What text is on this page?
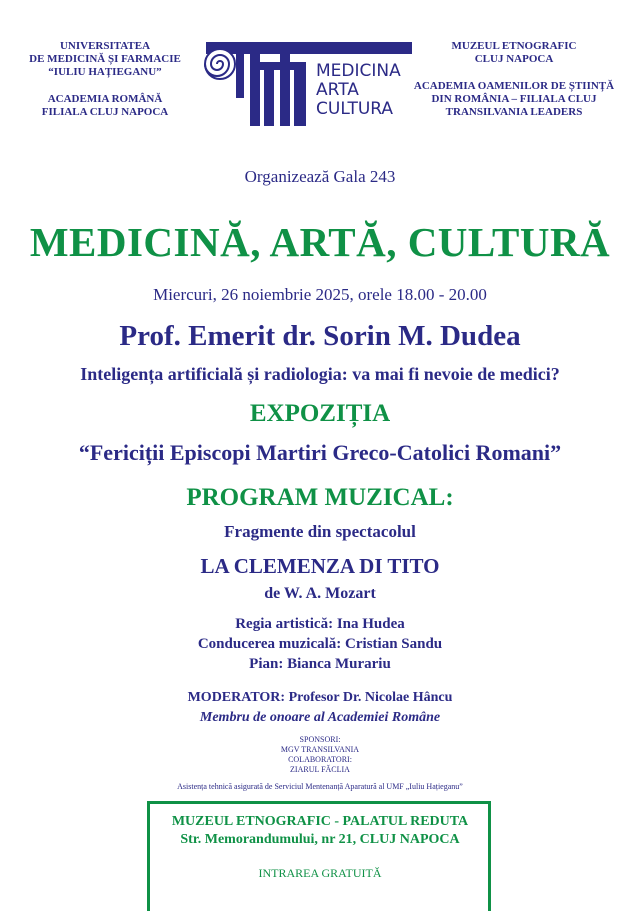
UNIVERSITATEA
DE MEDICINĂ ȘI FARMACIE
“IULIU HAȚIEGANU”
ACADEMIA ROMÂNĂ
FILIALA CLUJ NAPOCA
MEDICINA
ARTA
CULTURA
MUZEUL ETNOGRAFIC
CLUJ NAPOCA
ACADEMIA OAMENILOR DE ȘTIINȚĂ
DIN ROMÂNIA – FILIALA CLUJ
TRANSILVANIA LEADERS
Organizează Gala 243
MEDICINĂ, ARTĂ, CULTURĂ
Miercuri, 26 noiembrie 2025, orele 18.00 - 20.00
Prof. Emerit dr. Sorin M. Dudea
Inteligența artificială și radiologia: va mai fi nevoie de medici?
EXPOZIȚIA
“Fericiții Episcopi Martiri Greco-Catolici Romani”
PROGRAM MUZICAL:
Fragmente din spectacolul
LA CLEMENZA DI TITO
de W. A. Mozart
Regia artistică: Ina Hudea
Conducerea muzicală: Cristian Sandu
Pian: Bianca Murariu
MODERATOR: Profesor Dr. Nicolae Hâncu
Membru de onoare al Academiei Române
SPONSORI:
MGV TRANSILVANIA
COLABORATORI:
ZIARUL FĂCLIA
Asistența tehnică asigurată de Serviciul Mentenanță Aparatură al UMF „Iuliu Hațieganu”
MUZEUL ETNOGRAFIC - PALATUL REDUTA
Str. Memorandumului, nr 21, CLUJ NAPOCA
INTRAREA GRATUITĂ
